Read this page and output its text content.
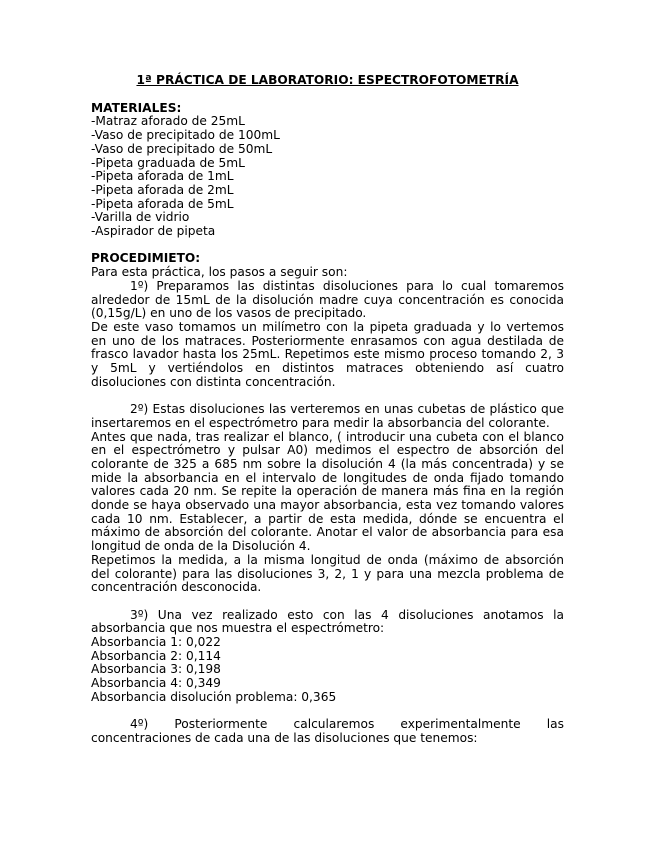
1ª PRÁCTICA DE LABORATORIO: ESPECTROFOTOMETRÍA
MATERIALES:
-Matraz aforado de 25mL
-Vaso de precipitado de 100mL
-Vaso de precipitado de 50mL
-Pipeta graduada de 5mL
-Pipeta aforada de 1mL
-Pipeta aforada de 2mL
-Pipeta aforada de 5mL
-Varilla de vidrio
-Aspirador de pipeta
PROCEDIMIETO:

Para esta práctica, los pasos a seguir son:

1º) Preparamos las distintas disoluciones para lo cual tomaremos alrededor de 15mL de la disolución madre cuya concentración es conocida (0,15g/L) en uno de los vasos de precipitado.

De este vaso tomamos un milímetro con la pipeta graduada y lo vertemos en uno de los matraces. Posteriormente enrasamos con agua destilada de frasco lavador hasta los 25mL. Repetimos este mismo proceso tomando 2, 3 y 5mL y vertiéndolos en distintos matraces obteniendo así cuatro disoluciones con distinta concentración.

2º) Estas disoluciones las verteremos en unas cubetas de plástico que insertaremos en el espectrómetro para medir la absorbancia del colorante.

Antes que nada, tras realizar el blanco, ( introducir una cubeta con el blanco en el espectrómetro y pulsar A0) medimos el espectro de absorción del colorante de 325 a 685 nm sobre la disolución 4 (la más concentrada) y se mide la absorbancia en el intervalo de longitudes de onda fijado tomando valores cada 20 nm. Se repite la operación de manera más fina en la región donde se haya observado una mayor absorbancia, esta vez tomando valores cada 10 nm. Establecer, a partir de esta medida, dónde se encuentra el máximo de absorción del colorante. Anotar el valor de absorbancia para esa longitud de onda de la Disolución 4.

Repetimos la medida, a la misma longitud de onda (máximo de absorción del colorante) para las disoluciones 3, 2, 1 y para una mezcla problema de concentración desconocida.

3º) Una vez realizado esto con las 4 disoluciones anotamos la absorbancia que nos muestra el espectrómetro:

Absorbancia 1: 0,022
Absorbancia 2: 0,114
Absorbancia 3: 0,198
Absorbancia 4: 0,349
Absorbancia disolución problema: 0,365

4º) Posteriormente calcularemos experimentalmente las concentraciones de cada una de las disoluciones que tenemos:
